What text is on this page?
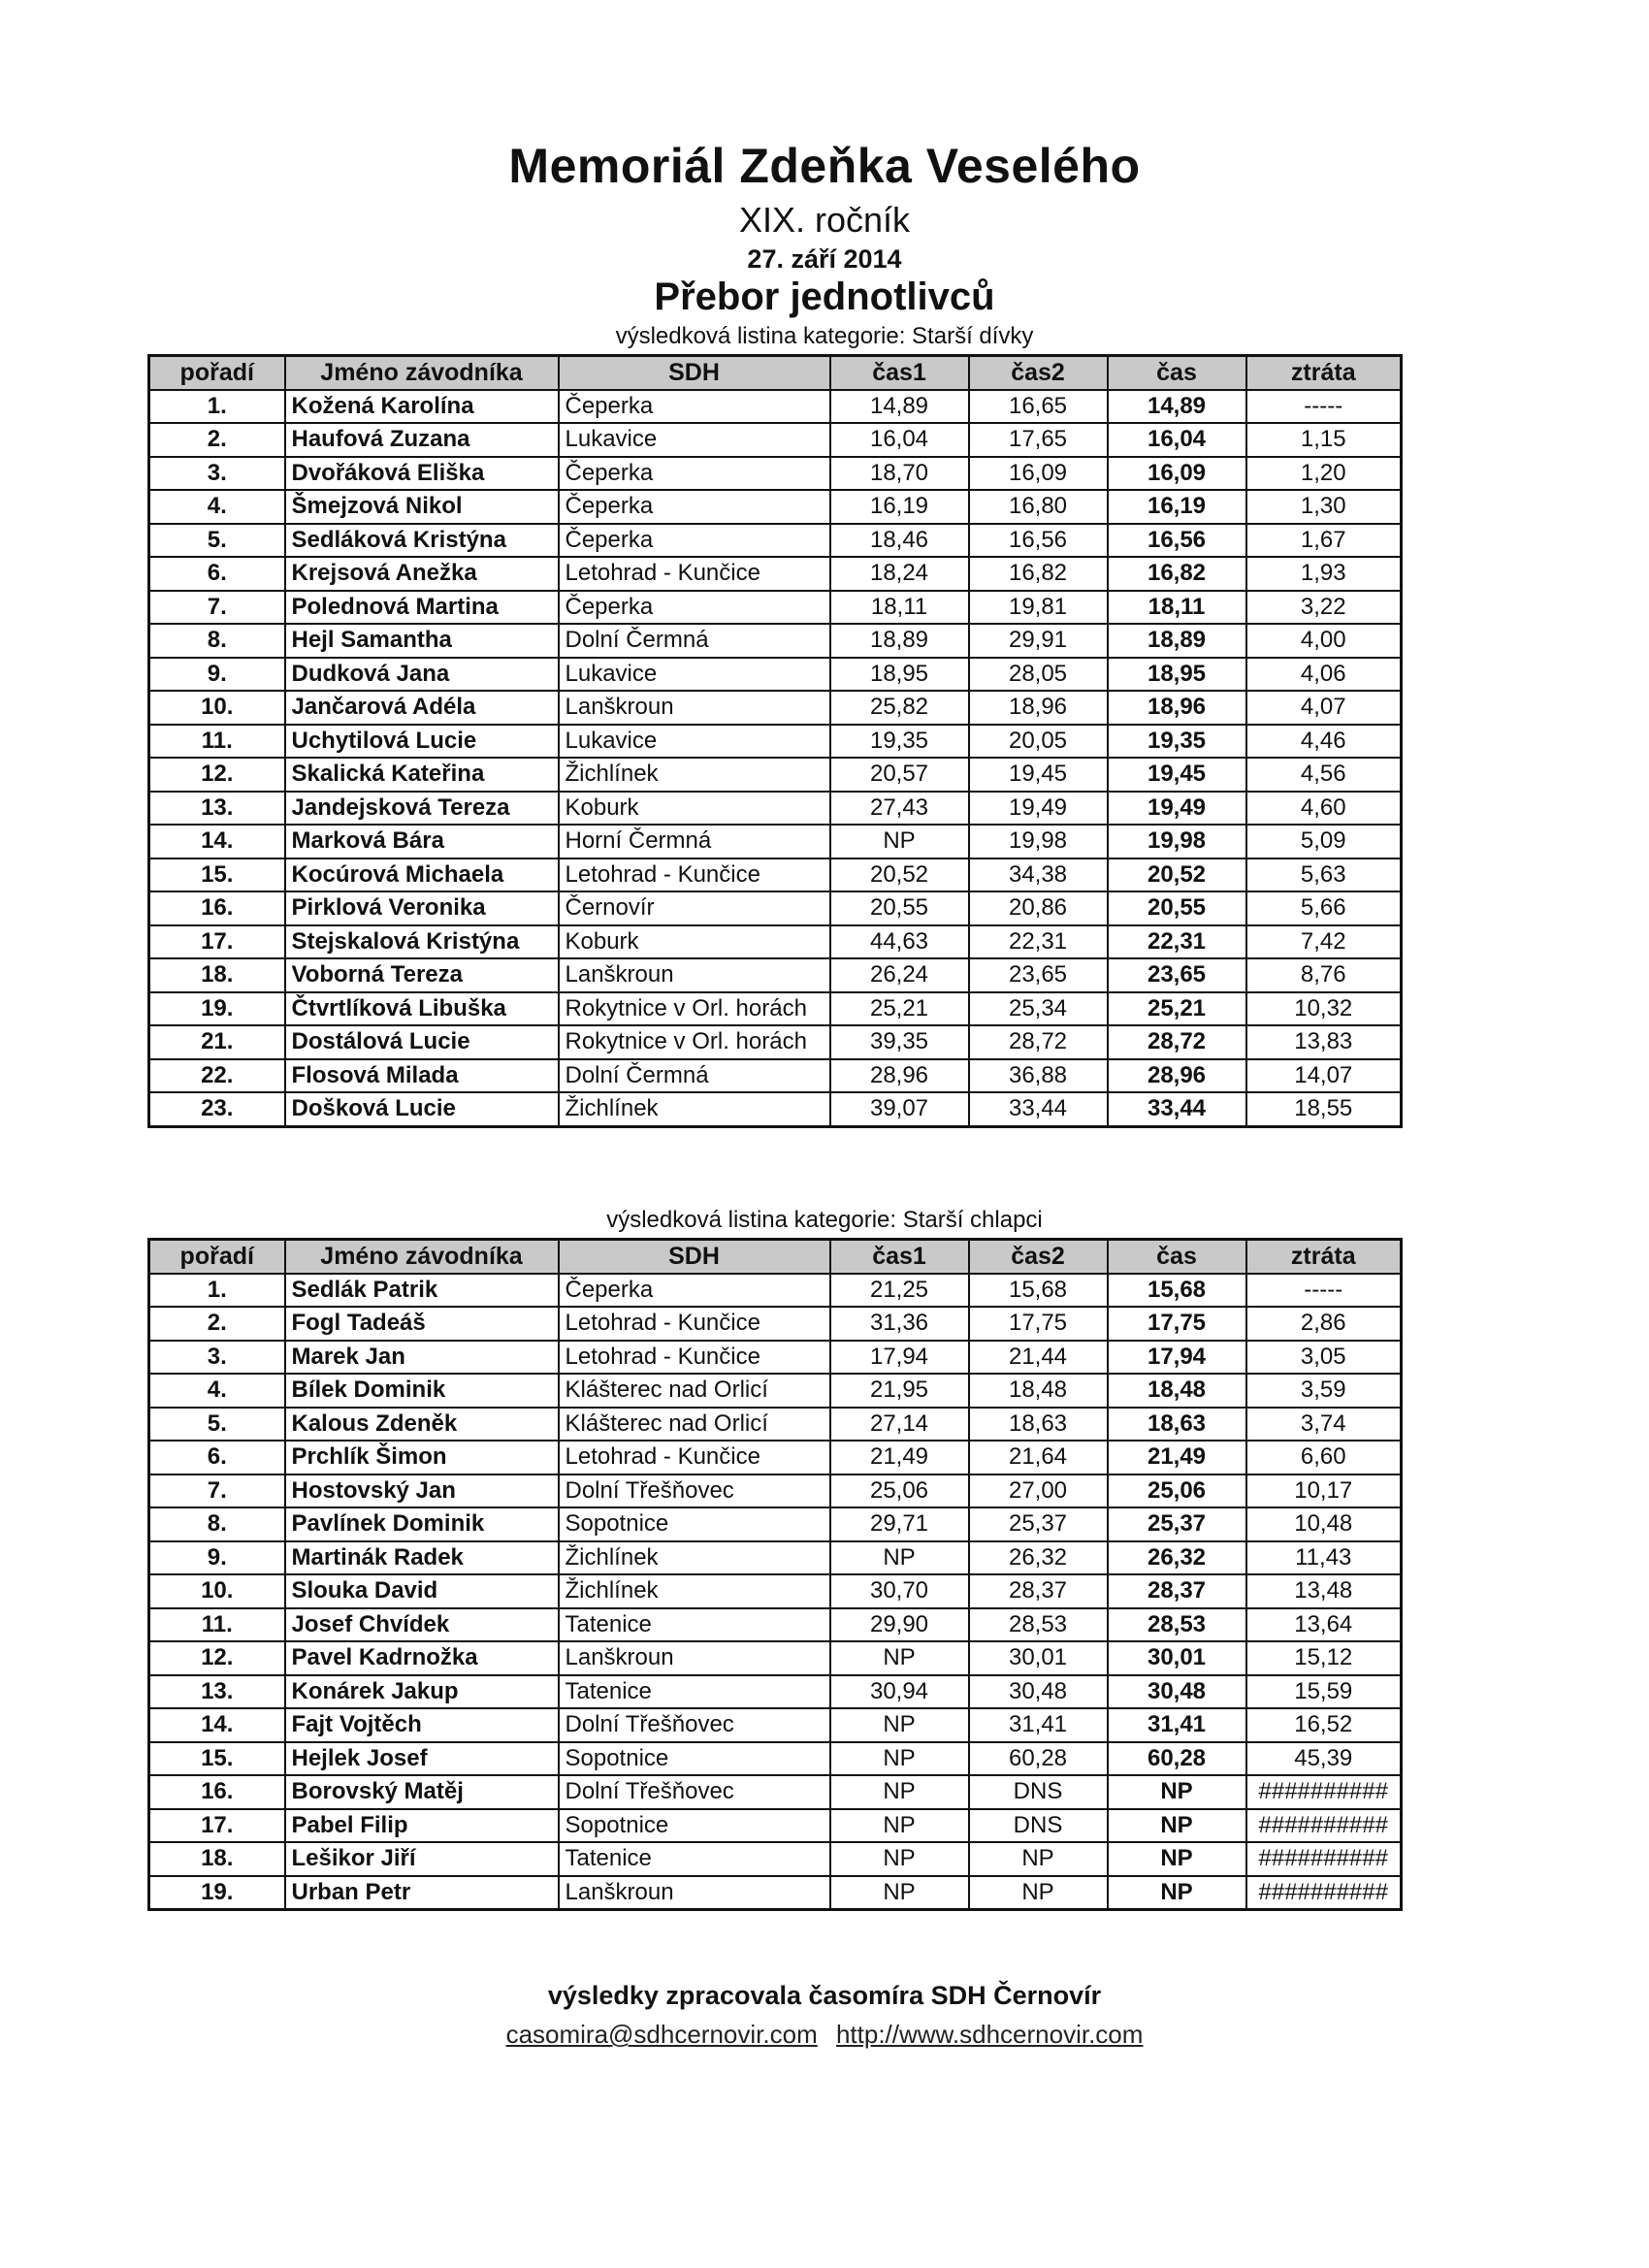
Memoriál Zdeňka Veselého
XIX. ročník
27. září 2014
Přebor jednotlivců
výsledková listina kategorie: Starší dívky
pořadí	Jméno závodníka	SDH	čas1	čas2	čas	ztráta
1.	Kožená Karolína	Čeperka	14,89	16,65	14,89	-----
2.	Haufová Zuzana	Lukavice	16,04	17,65	16,04	1,15
3.	Dvořáková Eliška	Čeperka	18,70	16,09	16,09	1,20
4.	Šmejzová Nikol	Čeperka	16,19	16,80	16,19	1,30
5.	Sedláková Kristýna	Čeperka	18,46	16,56	16,56	1,67
6.	Krejsová Anežka	Letohrad - Kunčice	18,24	16,82	16,82	1,93
7.	Polednová Martina	Čeperka	18,11	19,81	18,11	3,22
8.	Hejl Samantha	Dolní Čermná	18,89	29,91	18,89	4,00
9.	Dudková Jana	Lukavice	18,95	28,05	18,95	4,06
10.	Jančarová Adéla	Lanškroun	25,82	18,96	18,96	4,07
11.	Uchytilová Lucie	Lukavice	19,35	20,05	19,35	4,46
12.	Skalická Kateřina	Žichlínek	20,57	19,45	19,45	4,56
13.	Jandejsková Tereza	Koburk	27,43	19,49	19,49	4,60
14.	Marková Bára	Horní Čermná	NP	19,98	19,98	5,09
15.	Kocúrová Michaela	Letohrad - Kunčice	20,52	34,38	20,52	5,63
16.	Pirklová Veronika	Černovír	20,55	20,86	20,55	5,66
17.	Stejskalová Kristýna	Koburk	44,63	22,31	22,31	7,42
18.	Voborná Tereza	Lanškroun	26,24	23,65	23,65	8,76
19.	Čtvrtlíková Libuška	Rokytnice v Orl. horách	25,21	25,34	25,21	10,32
21.	Dostálová Lucie	Rokytnice v Orl. horách	39,35	28,72	28,72	13,83
22.	Flosová Milada	Dolní Čermná	28,96	36,88	28,96	14,07
23.	Došková Lucie	Žichlínek	39,07	33,44	33,44	18,55
výsledková listina kategorie: Starší chlapci
pořadí	Jméno závodníka	SDH	čas1	čas2	čas	ztráta
1.	Sedlák Patrik	Čeperka	21,25	15,68	15,68	-----
2.	Fogl Tadeáš	Letohrad - Kunčice	31,36	17,75	17,75	2,86
3.	Marek Jan	Letohrad - Kunčice	17,94	21,44	17,94	3,05
4.	Bílek Dominik	Klášterec nad Orlicí	21,95	18,48	18,48	3,59
5.	Kalous Zdeněk	Klášterec nad Orlicí	27,14	18,63	18,63	3,74
6.	Prchlík Šimon	Letohrad - Kunčice	21,49	21,64	21,49	6,60
7.	Hostovský Jan	Dolní Třešňovec	25,06	27,00	25,06	10,17
8.	Pavlínek Dominik	Sopotnice	29,71	25,37	25,37	10,48
9.	Martinák Radek	Žichlínek	NP	26,32	26,32	11,43
10.	Slouka David	Žichlínek	30,70	28,37	28,37	13,48
11.	Josef Chvídek	Tatenice	29,90	28,53	28,53	13,64
12.	Pavel Kadrnožka	Lanškroun	NP	30,01	30,01	15,12
13.	Konárek Jakup	Tatenice	30,94	30,48	30,48	15,59
14.	Fajt Vojtěch	Dolní Třešňovec	NP	31,41	31,41	16,52
15.	Hejlek Josef	Sopotnice	NP	60,28	60,28	45,39
16.	Borovský Matěj	Dolní Třešňovec	NP	DNS	NP	##########
17.	Pabel Filip	Sopotnice	NP	DNS	NP	##########
18.	Lešikor Jiří	Tatenice	NP	NP	NP	##########
19.	Urban Petr	Lanškroun	NP	NP	NP	##########
výsledky zpracovala časomíra SDH Černovír
casomira@sdhcernovir.com http://www.sdhcernovir.com
